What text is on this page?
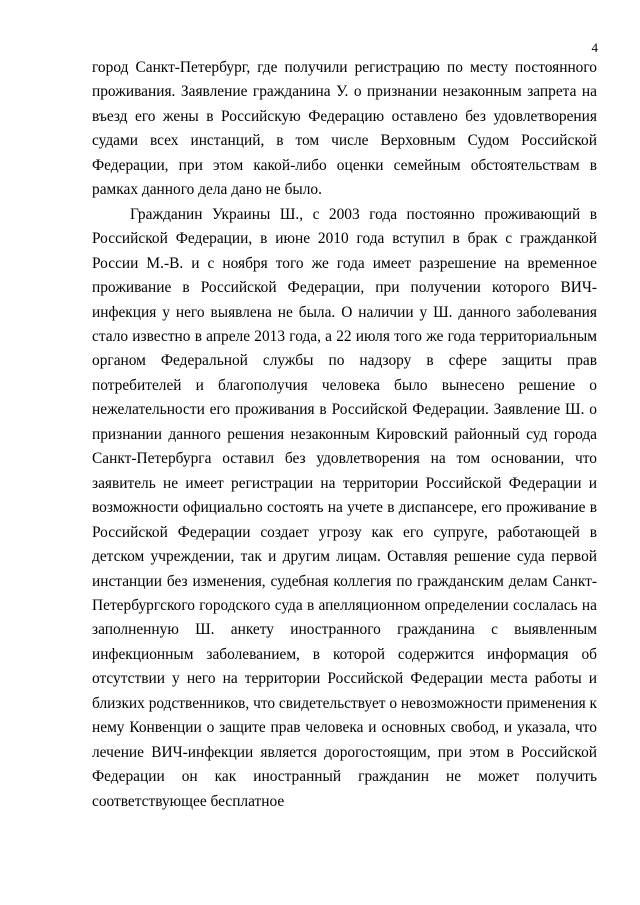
4

город Санкт-Петербург, где получили регистрацию по месту постоянного проживания. Заявление гражданина У. о признании незаконным запрета на въезд его жены в Российскую Федерацию оставлено без удовлетворения судами всех инстанций, в том числе Верховным Судом Российской Федерации, при этом какой-либо оценки семейным обстоятельствам в рамках данного дела дано не было.

Гражданин Украины Ш., с 2003 года постоянно проживающий в Российской Федерации, в июне 2010 года вступил в брак с гражданкой России М.-В. и с ноября того же года имеет разрешение на временное проживание в Российской Федерации, при получении которого ВИЧ-инфекция у него выявлена не была. О наличии у Ш. данного заболевания стало известно в апреле 2013 года, а 22 июля того же года территориальным органом Федеральной службы по надзору в сфере защиты прав потребителей и благополучия человека было вынесено решение о нежелательности его проживания в Российской Федерации. Заявление Ш. о признании данного решения незаконным Кировский районный суд города Санкт-Петербурга оставил без удовлетворения на том основании, что заявитель не имеет регистрации на территории Российской Федерации и возможности официально состоять на учете в диспансере, его проживание в Российской Федерации создает угрозу как его супруге, работающей в детском учреждении, так и другим лицам. Оставляя решение суда первой инстанции без изменения, судебная коллегия по гражданским делам Санкт-Петербургского городского суда в апелляционном определении сослалась на заполненную Ш. анкету иностранного гражданина с выявленным инфекционным заболеванием, в которой содержится информация об отсутствии у него на территории Российской Федерации места работы и близких родственников, что свидетельствует о невозможности применения к нему Конвенции о защите прав человека и основных свобод, и указала, что лечение ВИЧ-инфекции является дорогостоящим, при этом в Российской Федерации он как иностранный гражданин не может получить соответствующее бесплатное
